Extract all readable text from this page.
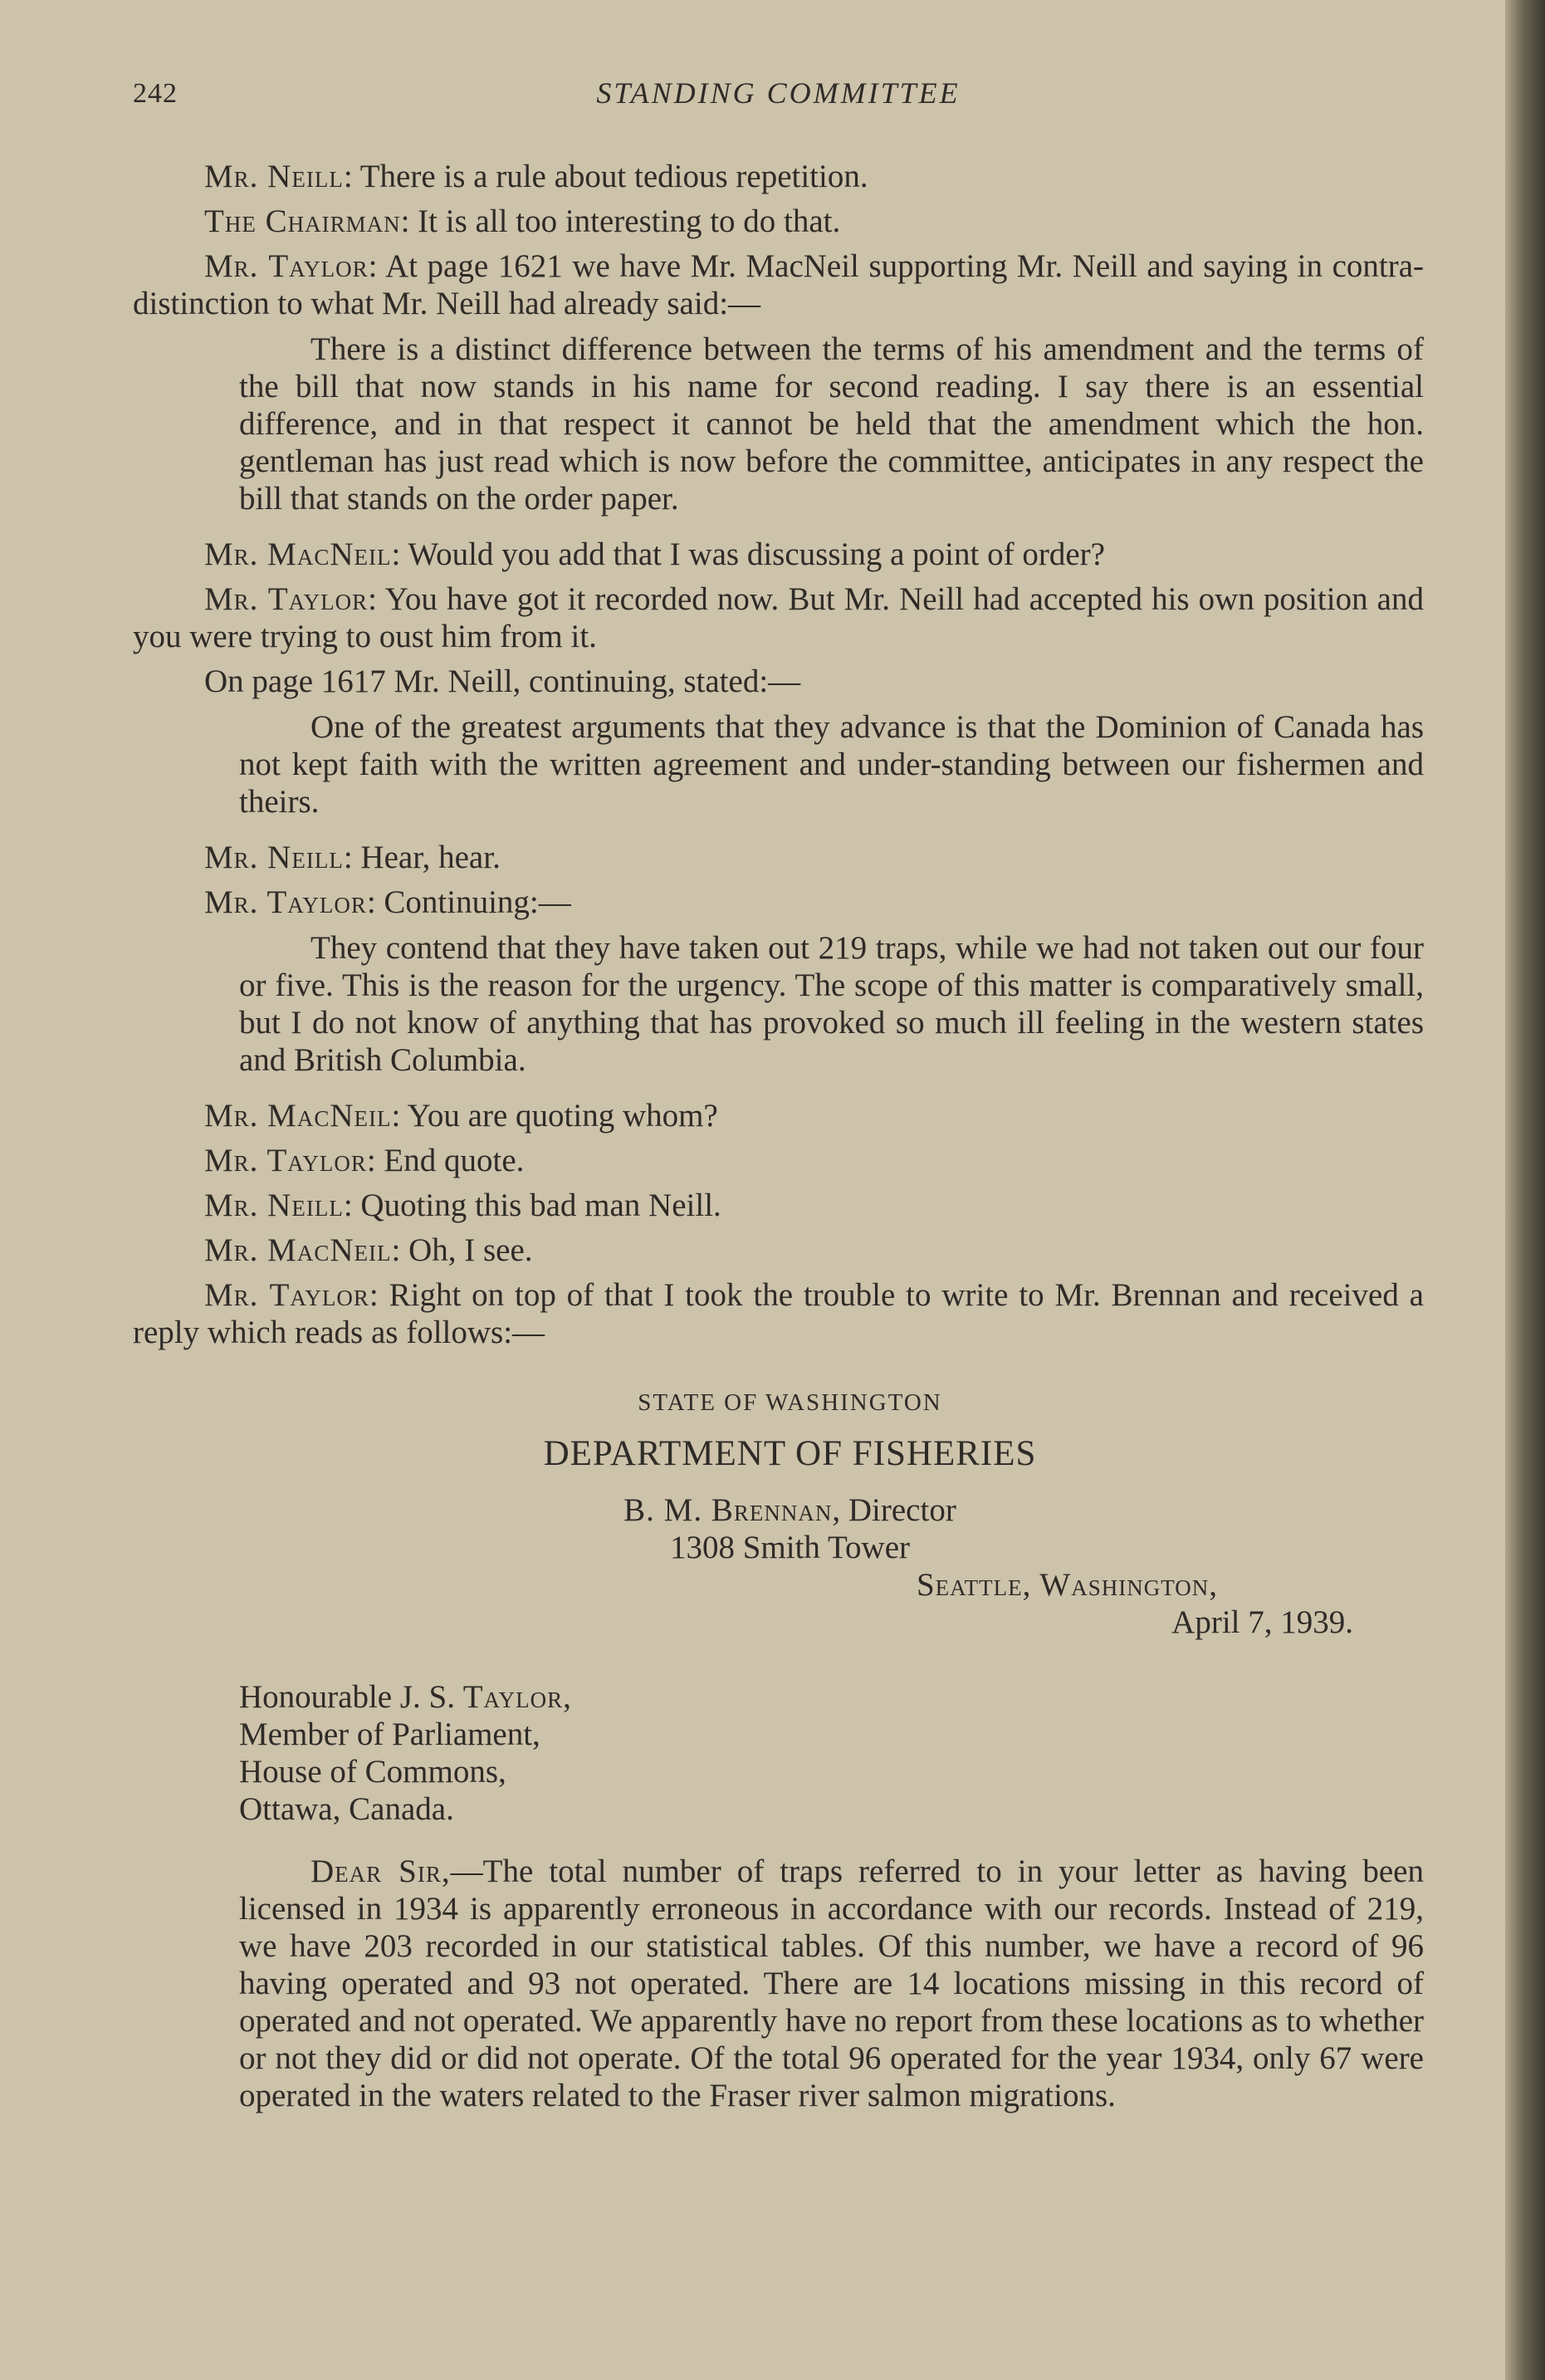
242	STANDING COMMITTEE

Mr. Neill: There is a rule about tedious repetition.

The Chairman: It is all too interesting to do that.

Mr. Taylor: At page 1621 we have Mr. MacNeil supporting Mr. Neill and saying in contra-distinction to what Mr. Neill had already said:—

There is a distinct difference between the terms of his amendment and the terms of the bill that now stands in his name for second reading. I say there is an essential difference, and in that respect it cannot be held that the amendment which the hon. gentleman has just read which is now before the committee, anticipates in any respect the bill that stands on the order paper.

Mr. MacNeil: Would you add that I was discussing a point of order?

Mr. Taylor: You have got it recorded now. But Mr. Neill had accepted his own position and you were trying to oust him from it.

On page 1617 Mr. Neill, continuing, stated:—

One of the greatest arguments that they advance is that the Dominion of Canada has not kept faith with the written agreement and under-standing between our fishermen and theirs.

Mr. Neill: Hear, hear.

Mr. Taylor: Continuing:—

They contend that they have taken out 219 traps, while we had not taken out our four or five. This is the reason for the urgency. The scope of this matter is comparatively small, but I do not know of anything that has provoked so much ill feeling in the western states and British Columbia.

Mr. MacNeil: You are quoting whom?

Mr. Taylor: End quote.

Mr. Neill: Quoting this bad man Neill.

Mr. MacNeil: Oh, I see.

Mr. Taylor: Right on top of that I took the trouble to write to Mr. Brennan and received a reply which reads as follows:—

STATE OF WASHINGTON
DEPARTMENT OF FISHERIES
B. M. Brennan, Director
1308 Smith Tower
Seattle, Washington,
April 7, 1939.
Honourable J. S. Taylor,
Member of Parliament,
House of Commons,
Ottawa, Canada.

Dear Sir,—The total number of traps referred to in your letter as having been licensed in 1934 is apparently erroneous in accordance with our records. Instead of 219, we have 203 recorded in our statistical tables. Of this number, we have a record of 96 having operated and 93 not operated. There are 14 locations missing in this record of operated and not operated. We apparently have no report from these locations as to whether or not they did or did not operate. Of the total 96 operated for the year 1934, only 67 were operated in the waters related to the Fraser river salmon migrations.
